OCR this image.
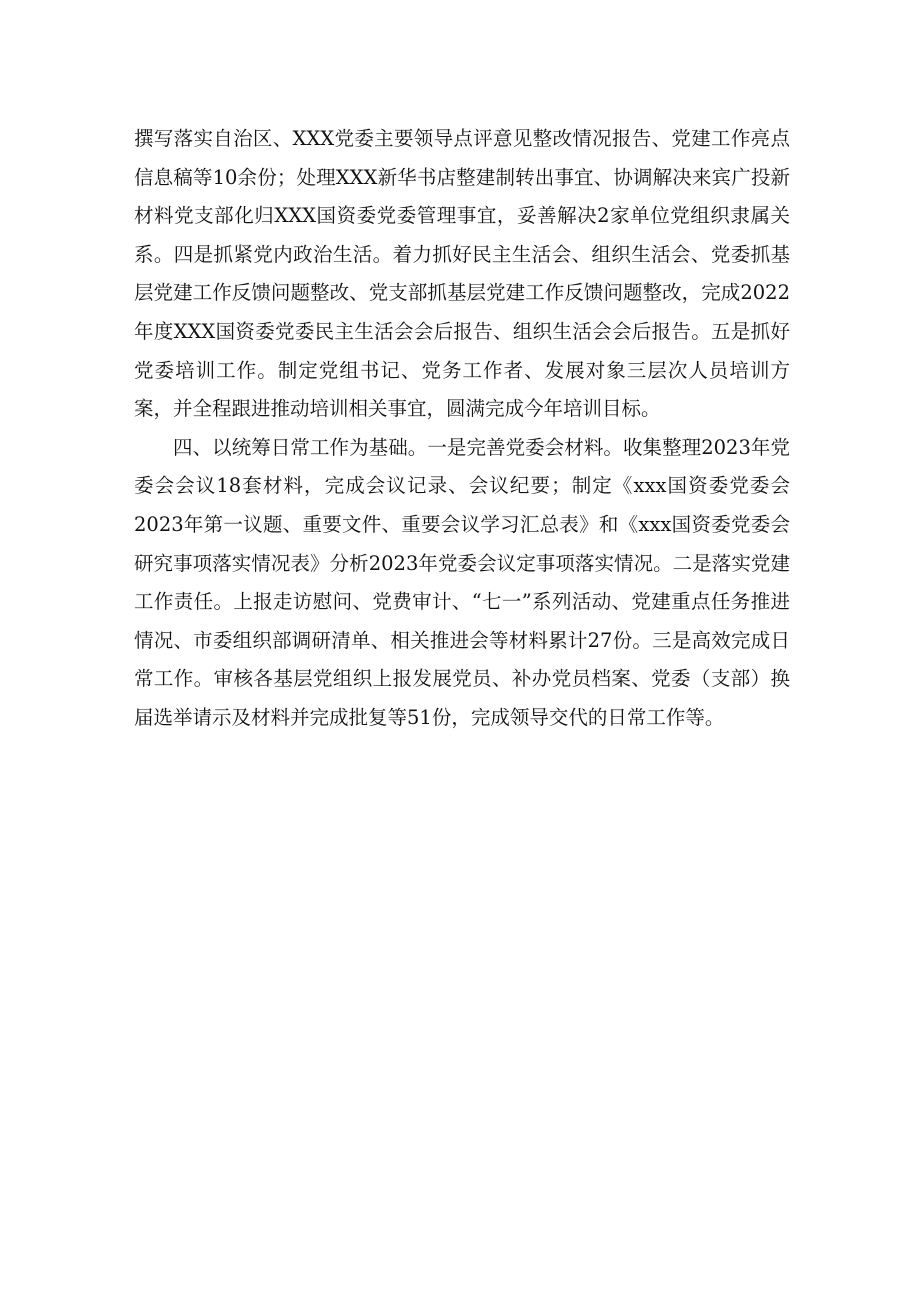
撰写落实自治区、XXX党委主要领导点评意见整改情况报告、党建工作亮点信息稿等10余份；处理XXX新华书店整建制转出事宜、协调解决来宾广投新材料党支部化归XXX国资委党委管理事宜，妥善解决2家单位党组织隶属关系。四是抓紧党内政治生活。着力抓好民主生活会、组织生活会、党委抓基层党建工作反馈问题整改、党支部抓基层党建工作反馈问题整改，完成2022年度XXX国资委党委民主生活会会后报告、组织生活会会后报告。五是抓好党委培训工作。制定党组书记、党务工作者、发展对象三层次人员培训方案，并全程跟进推动培训相关事宜，圆满完成今年培训目标。

四、以统筹日常工作为基础。一是完善党委会材料。收集整理2023年党委会会议18套材料，完成会议记录、会议纪要；制定《xxx国资委党委会2023年第一议题、重要文件、重要会议学习汇总表》和《xxx国资委党委会研究事项落实情况表》分析2023年党委会议定事项落实情况。二是落实党建工作责任。上报走访慰问、党费审计、“七一”系列活动、党建重点任务推进情况、市委组织部调研清单、相关推进会等材料累计27份。三是高效完成日常工作。审核各基层党组织上报发展党员、补办党员档案、党委（支部）换届选举请示及材料并完成批复等51份，完成领导交代的日常工作等。
